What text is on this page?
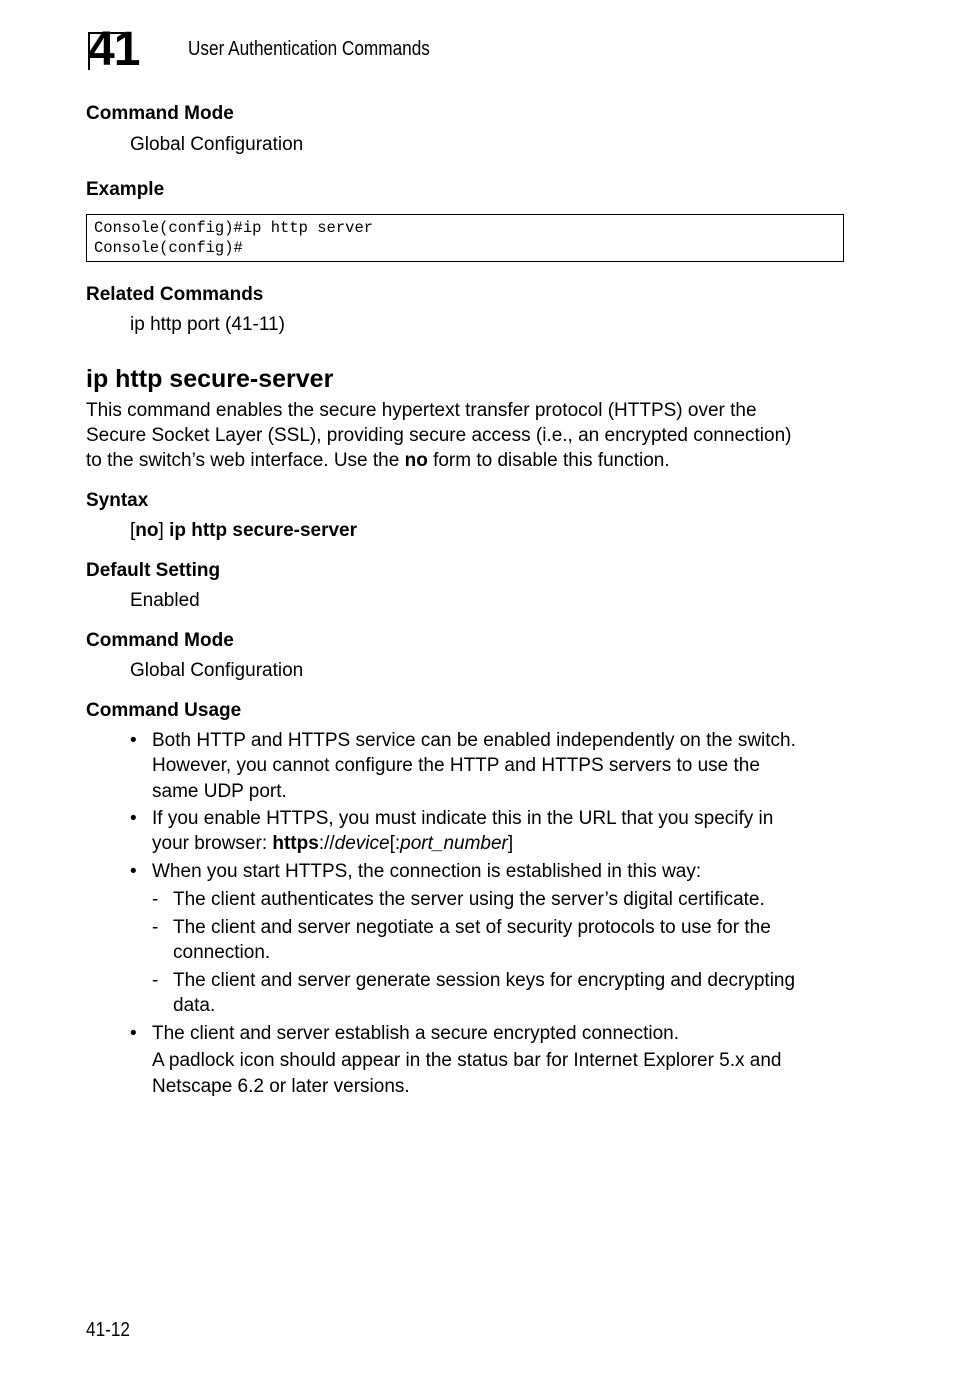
41	User Authentication Commands
Command Mode
Global Configuration
Example
Console(config)#ip http server
Console(config)#
Related Commands
ip http port (41-11)
ip http secure-server
This command enables the secure hypertext transfer protocol (HTTPS) over the
Secure Socket Layer (SSL), providing secure access (i.e., an encrypted connection)
to the switch’s web interface. Use the no form to disable this function.
Syntax
[no] ip http secure-server
Default Setting
Enabled
Command Mode
Global Configuration
Command Usage
• Both HTTP and HTTPS service can be enabled independently on the switch.
However, you cannot configure the HTTP and HTTPS servers to use the
same UDP port.
• If you enable HTTPS, you must indicate this in the URL that you specify in
your browser: https://device[:port_number]
• When you start HTTPS, the connection is established in this way:
- The client authenticates the server using the server’s digital certificate.
- The client and server negotiate a set of security protocols to use for the
connection.
- The client and server generate session keys for encrypting and decrypting
data.
• The client and server establish a secure encrypted connection.
A padlock icon should appear in the status bar for Internet Explorer 5.x and
Netscape 6.2 or later versions.
41-12
